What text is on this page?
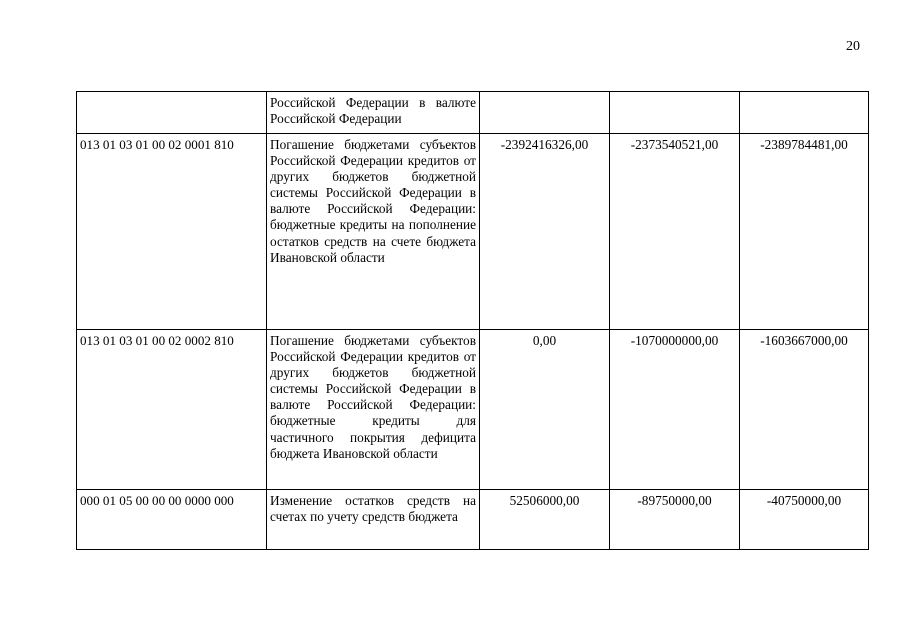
20
	Российской Федерации в валюте Российской Федерации			
013 01 03 01 00 02 0001 810	Погашение бюджетами субъектов Российской Федерации кредитов от других бюджетов бюджетной системы Российской Федерации в валюте Российской Федерации: бюджетные кредиты на пополнение остатков средств на счете бюджета Ивановской области	-2392416326,00	-2373540521,00	-2389784481,00
013 01 03 01 00 02 0002 810	Погашение бюджетами субъектов Российской Федерации кредитов от других бюджетов бюджетной системы Российской Федерации в валюте Российской Федерации: бюджетные кредиты для частичного покрытия дефицита бюджета Ивановской области	0,00	-1070000000,00	-1603667000,00
000 01 05 00 00 00 0000 000	Изменение остатков средств на счетах по учету средств бюджета	52506000,00	-89750000,00	-40750000,00
